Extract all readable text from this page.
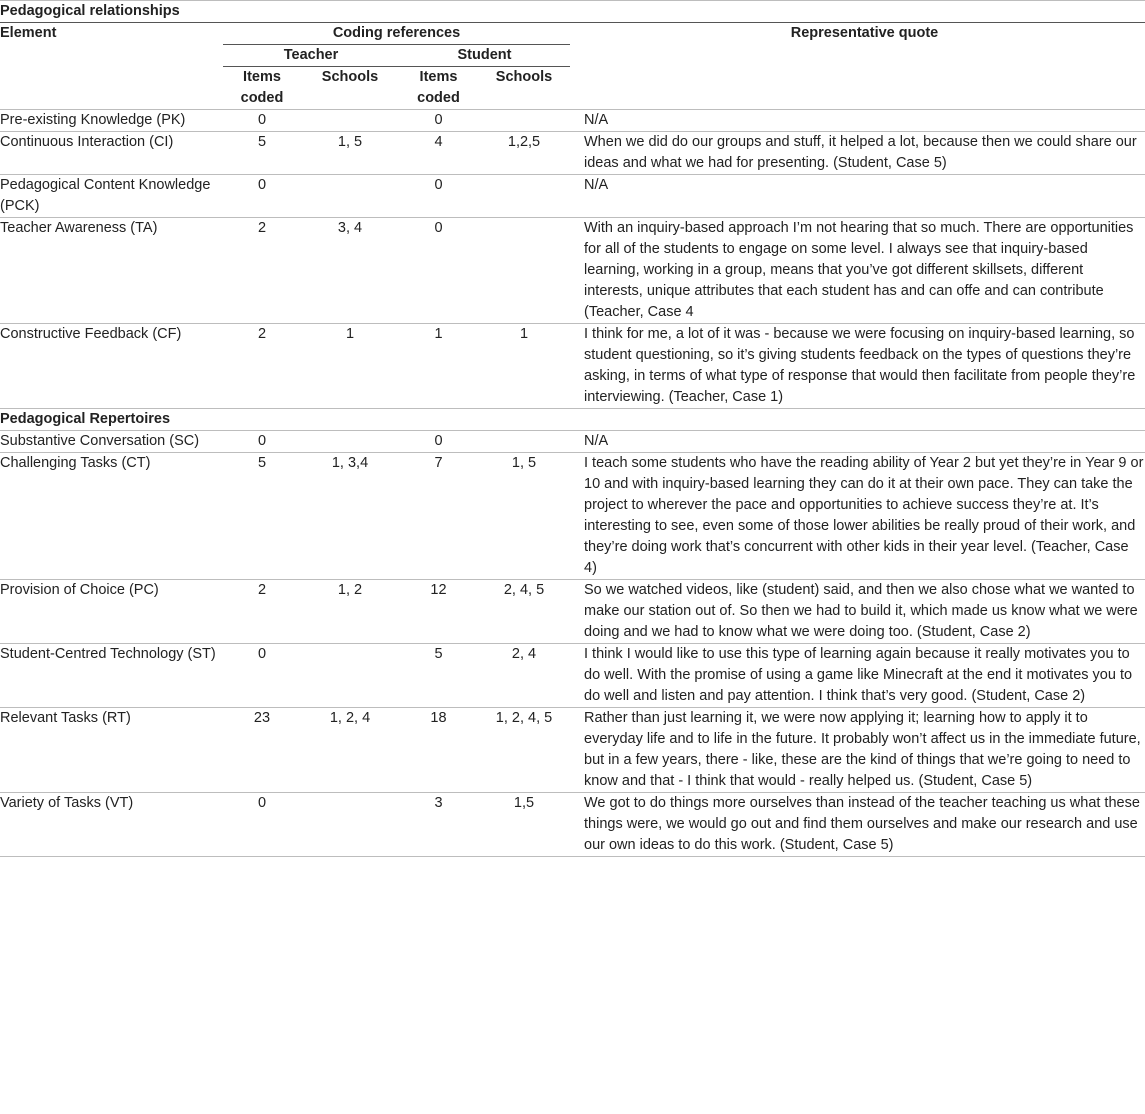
Pedagogical relationships						
Element	Coding references					Representative quote
	Teacher		Student			
	Items coded	Schools	Items coded	Schools		

Pre-existing Knowledge (PK)	0		0			N/A
Continuous Interaction (CI)	5	1, 5	4	1,2,5		When we did do our groups and stuff, it helped a lot, because then we could share our ideas and what we had for presenting. (Student, Case 5)
Pedagogical Content Knowledge (PCK)	0		0			N/A
Teacher Awareness (TA)	2	3, 4	0			With an inquiry-based approach I’m not hearing that so much. There are opportunities for all of the students to engage on some level. I always see that inquiry-based learning, working in a group, means that you’ve got different skillsets, different interests, unique attributes that each student has and can offe and can contribute (Teacher, Case 4
Constructive Feedback (CF)	2	1	1	1		I think for me, a lot of it was - because we were focusing on inquiry-based learning, so student questioning, so it’s giving students feedback on the types of questions they’re asking, in terms of what type of response that would then facilitate from people they’re interviewing. (Teacher, Case 1)
Pedagogical Repertoires						
Substantive Conversation (SC)	0		0			N/A
Challenging Tasks (CT)	5	1, 3,4	7	1, 5		I teach some students who have the reading ability of Year 2 but yet they’re in Year 9 or 10 and with inquiry-based learning they can do it at their own pace. They can take the project to wherever the pace and opportunities to achieve success they’re at. It’s interesting to see, even some of those lower abilities be really proud of their work, and they’re doing work that’s concurrent with other kids in their year level. (Teacher, Case 4)
Provision of Choice (PC)	2	1, 2	12	2, 4, 5		So we watched videos, like (student) said, and then we also chose what we wanted to make our station out of. So then we had to build it, which made us know what we were doing and we had to know what we were doing too. (Student, Case 2)
Student-Centred Technology (ST)	0		5	2, 4		I think I would like to use this type of learning again because it really motivates you to do well. With the promise of using a game like Minecraft at the end it motivates you to do well and listen and pay attention. I think that’s very good. (Student, Case 2)
Relevant Tasks (RT)	23	1, 2, 4	18	1, 2, 4, 5		Rather than just learning it, we were now applying it; learning how to apply it to everyday life and to life in the future. It probably won’t affect us in the immediate future, but in a few years, there - like, these are the kind of things that we’re going to need to know and that - I think that would - really helped us. (Student, Case 5)
Variety of Tasks (VT)	0		3	1,5		We got to do things more ourselves than instead of the teacher teaching us what these things were, we would go out and find them ourselves and make our research and use our own ideas to do this work. (Student, Case 5)
